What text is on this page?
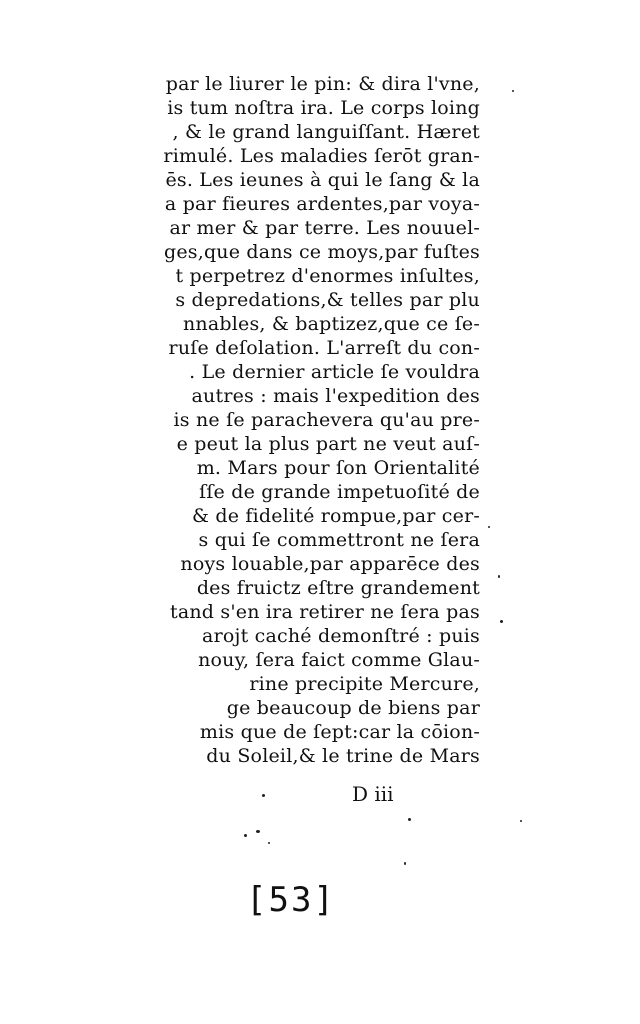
par le liurer le pin: & dira l'vne,
is tum noſtra ira. Le corps loing
, & le grand languiſſant. Hæret
rimulé. Les maladies ſerōt gran-
ēs. Les ieunes à qui le ſang & la
a par fieures ardentes,par voya-
ar mer & par terre. Les nouuel-
ges,que dans ce moys,par fuſtes
t perpetrez d'enormes inſultes,
s depredations,& telles par plu
nnables, & baptizez,que ce ſe-
ruſe deſolation. L'arreſt du con-
. Le dernier article ſe vouldra
autres : mais l'expedition des
is ne ſe parachevera qu'au pre-
e peut la plus part ne veut auſ-
m. Mars pour ſon Orientalité
ſſe de grande impetuoſité de
& de fidelité rompue,par cer-
s qui ſe commettront ne ſera
noys louable,par apparēce des
des fruictz eſtre grandement
tand s'en ira retirer ne ſera pas
arojt caché demonſtré : puis
nouy, ſera faict comme Glau-
rine precipite Mercure,
ge beaucoup de biens par
mis que de ſept:car la cōion-
du Soleil,& le trine de Mars
D iii
[53]
